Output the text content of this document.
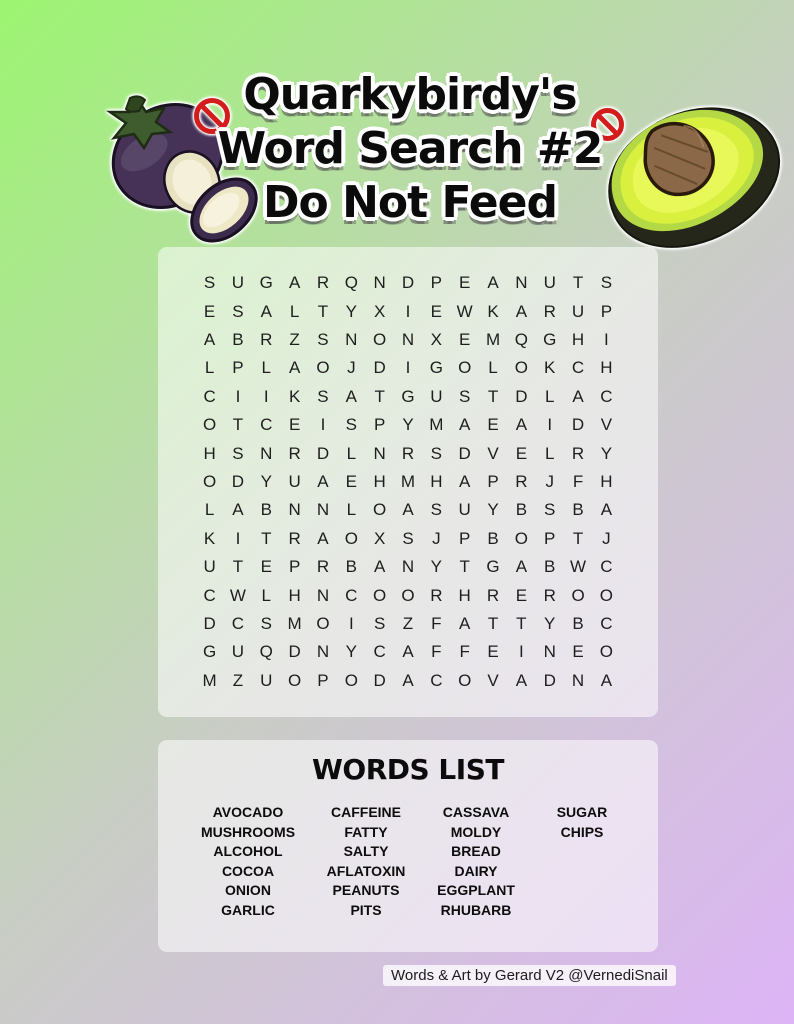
Quarkybirdy's
Word Search #2
Do Not Feed
S U G A R Q N D P	E	A N U	T	S
E	S	A	L	T	Y	X	I	E W K	A R U P
A	B R	Z	S N O N X	E M Q G H	I
L	P	L	A O	J	D	I	G O	L O K C H
C	I	I	K	S	A	T G U S	T	D	L	A C
O T	C E	I	S	P	Y M A	E	A	I	D V
H S N R D	L	N R S D V	E	L	R Y
O D Y U A	E H M H A	P R	J	F	H
L	A	B N N	L O A	S U Y	B	S	B	A
K	I	T	R A O X	S	J	P	B O P	T	J
U	T	E	P R B	A N Y	T G A	B W C
C W L	H N C O O R H R E R O O
D C S M O	I	S	Z	F	A	T	T	Y	B C
G U Q D N Y C A	F	F	E	I	N E O
M Z	U O P O D A C O V	A D N A
WORDS LIST
AVOCADO
MUSHROOMS
ALCOHOL
COCOA
ONION
GARLIC
CAFFEINE
FATTY
SALTY
AFLATOXIN
PEANUTS
PITS
CASSAVA
MOLDY
BREAD
DAIRY
EGGPLANT
RHUBARB
SUGAR
CHIPS
Words & Art by Gerard V2 @VernediSnail
